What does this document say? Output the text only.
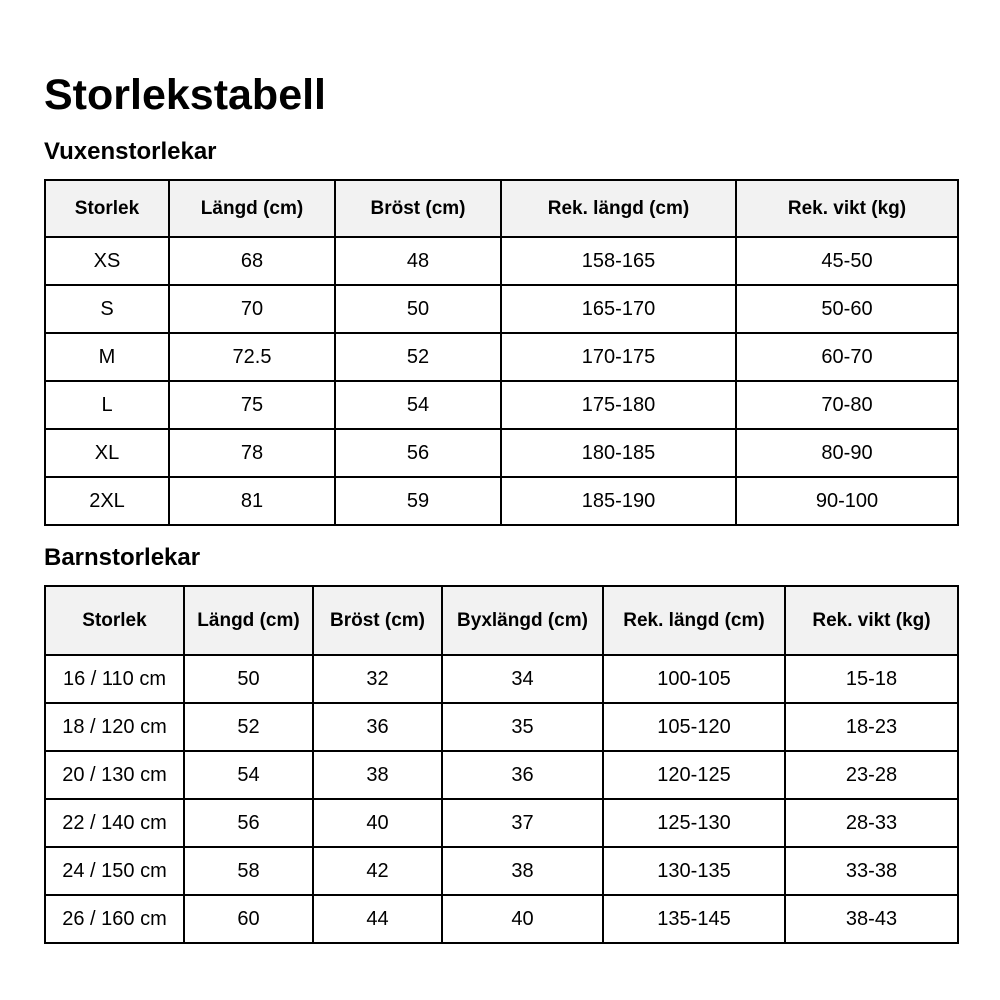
Storlekstabell
Vuxenstorlekar
Storlek	Längd (cm)	Bröst (cm)	Rek. längd (cm)	Rek. vikt (kg)
XS	68	48	158-165	45-50
S	70	50	165-170	50-60
M	72.5	52	170-175	60-70
L	75	54	175-180	70-80
XL	78	56	180-185	80-90
2XL	81	59	185-190	90-100
Barnstorlekar
Storlek	Längd (cm)	Bröst (cm)	Byxlängd (cm)	Rek. längd (cm)	Rek. vikt (kg)
16 / 110 cm	50	32	34	100-105	15-18
18 / 120 cm	52	36	35	105-120	18-23
20 / 130 cm	54	38	36	120-125	23-28
22 / 140 cm	56	40	37	125-130	28-33
24 / 150 cm	58	42	38	130-135	33-38
26 / 160 cm	60	44	40	135-145	38-43
